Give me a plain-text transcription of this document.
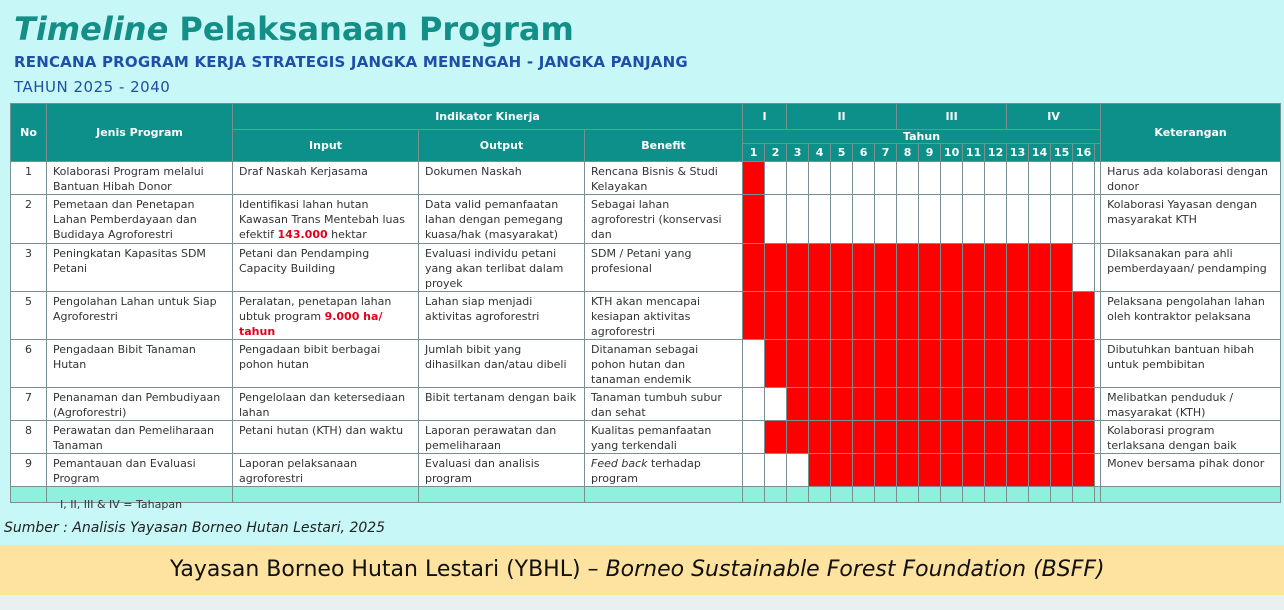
Timeline Pelaksanaan Program
RENCANA PROGRAM KERJA STRATEGIS JANGKA MENENGAH - JANGKA PANJANG
TAHUN 2025 - 2040
No	Jenis Program	Indikator Kinerja			I		II					III					IV					Keterangan
		Input	Output	Benefit	Tahun																	
					1	2	3	4	5	6	7	8	9	10	11	12	13	14	15	16		
1	Kolaborasi Program melalui Bantuan Hibah Donor	Draf Naskah Kerjasama	Dokumen Naskah	Rencana Bisnis & Studi Kelayakan																		Harus ada kolaborasi dengan donor
2	Pemetaan dan Penetapan Lahan Pemberdayaan dan Budidaya Agroforestri	Identifikasi lahan hutan Kawasan Trans Mentebah luas efektif 143.000 hektar	Data valid pemanfaatan lahan dengan pemegang kuasa/hak (masyarakat)	Sebagai lahan agroforestri (konservasi dan																		Kolaborasi Yayasan dengan masyarakat KTH
3	Peningkatan Kapasitas SDM Petani	Petani dan Pendamping Capacity Building	Evaluasi individu petani yang akan terlibat dalam proyek	SDM / Petani yang profesional																		Dilaksanakan para ahli pemberdayaan/ pendamping
5	Pengolahan Lahan untuk Siap Agroforestri	Peralatan, penetapan lahan ubtuk program 9.000 ha/ tahun	Lahan siap menjadi aktivitas agroforestri	KTH akan mencapai kesiapan aktivitas agroforestri																		Pelaksana pengolahan lahan oleh kontraktor pelaksana
6	Pengadaan Bibit Tanaman Hutan	Pengadaan bibit berbagai pohon hutan	Jumlah bibit yang dihasilkan dan/atau dibeli	Ditanaman sebagai pohon hutan dan tanaman endemik																		Dibutuhkan bantuan hibah untuk pembibitan
7	Penanaman dan Pembudiyaan (Agroforestri)	Pengelolaan dan ketersediaan lahan	Bibit tertanam dengan baik	Tanaman tumbuh subur dan sehat																		Melibatkan penduduk / masyarakat (KTH)
8	Perawatan dan Pemeliharaan Tanaman	Petani hutan (KTH) dan waktu	Laporan perawatan dan pemeliharaan	Kualitas pemanfaatan yang terkendali																		Kolaborasi program terlaksana dengan baik
9	Pemantauan dan Evaluasi Program	Laporan pelaksanaan agroforestri	Evaluasi dan analisis program	Feed back terhadap program																		Monev bersama pihak donor

I, II, III & IV = Tahapan
Sumber : Analisis Yayasan Borneo Hutan Lestari, 2025
Yayasan Borneo Hutan Lestari (YBHL) – Borneo Sustainable Forest Foundation (BSFF)
